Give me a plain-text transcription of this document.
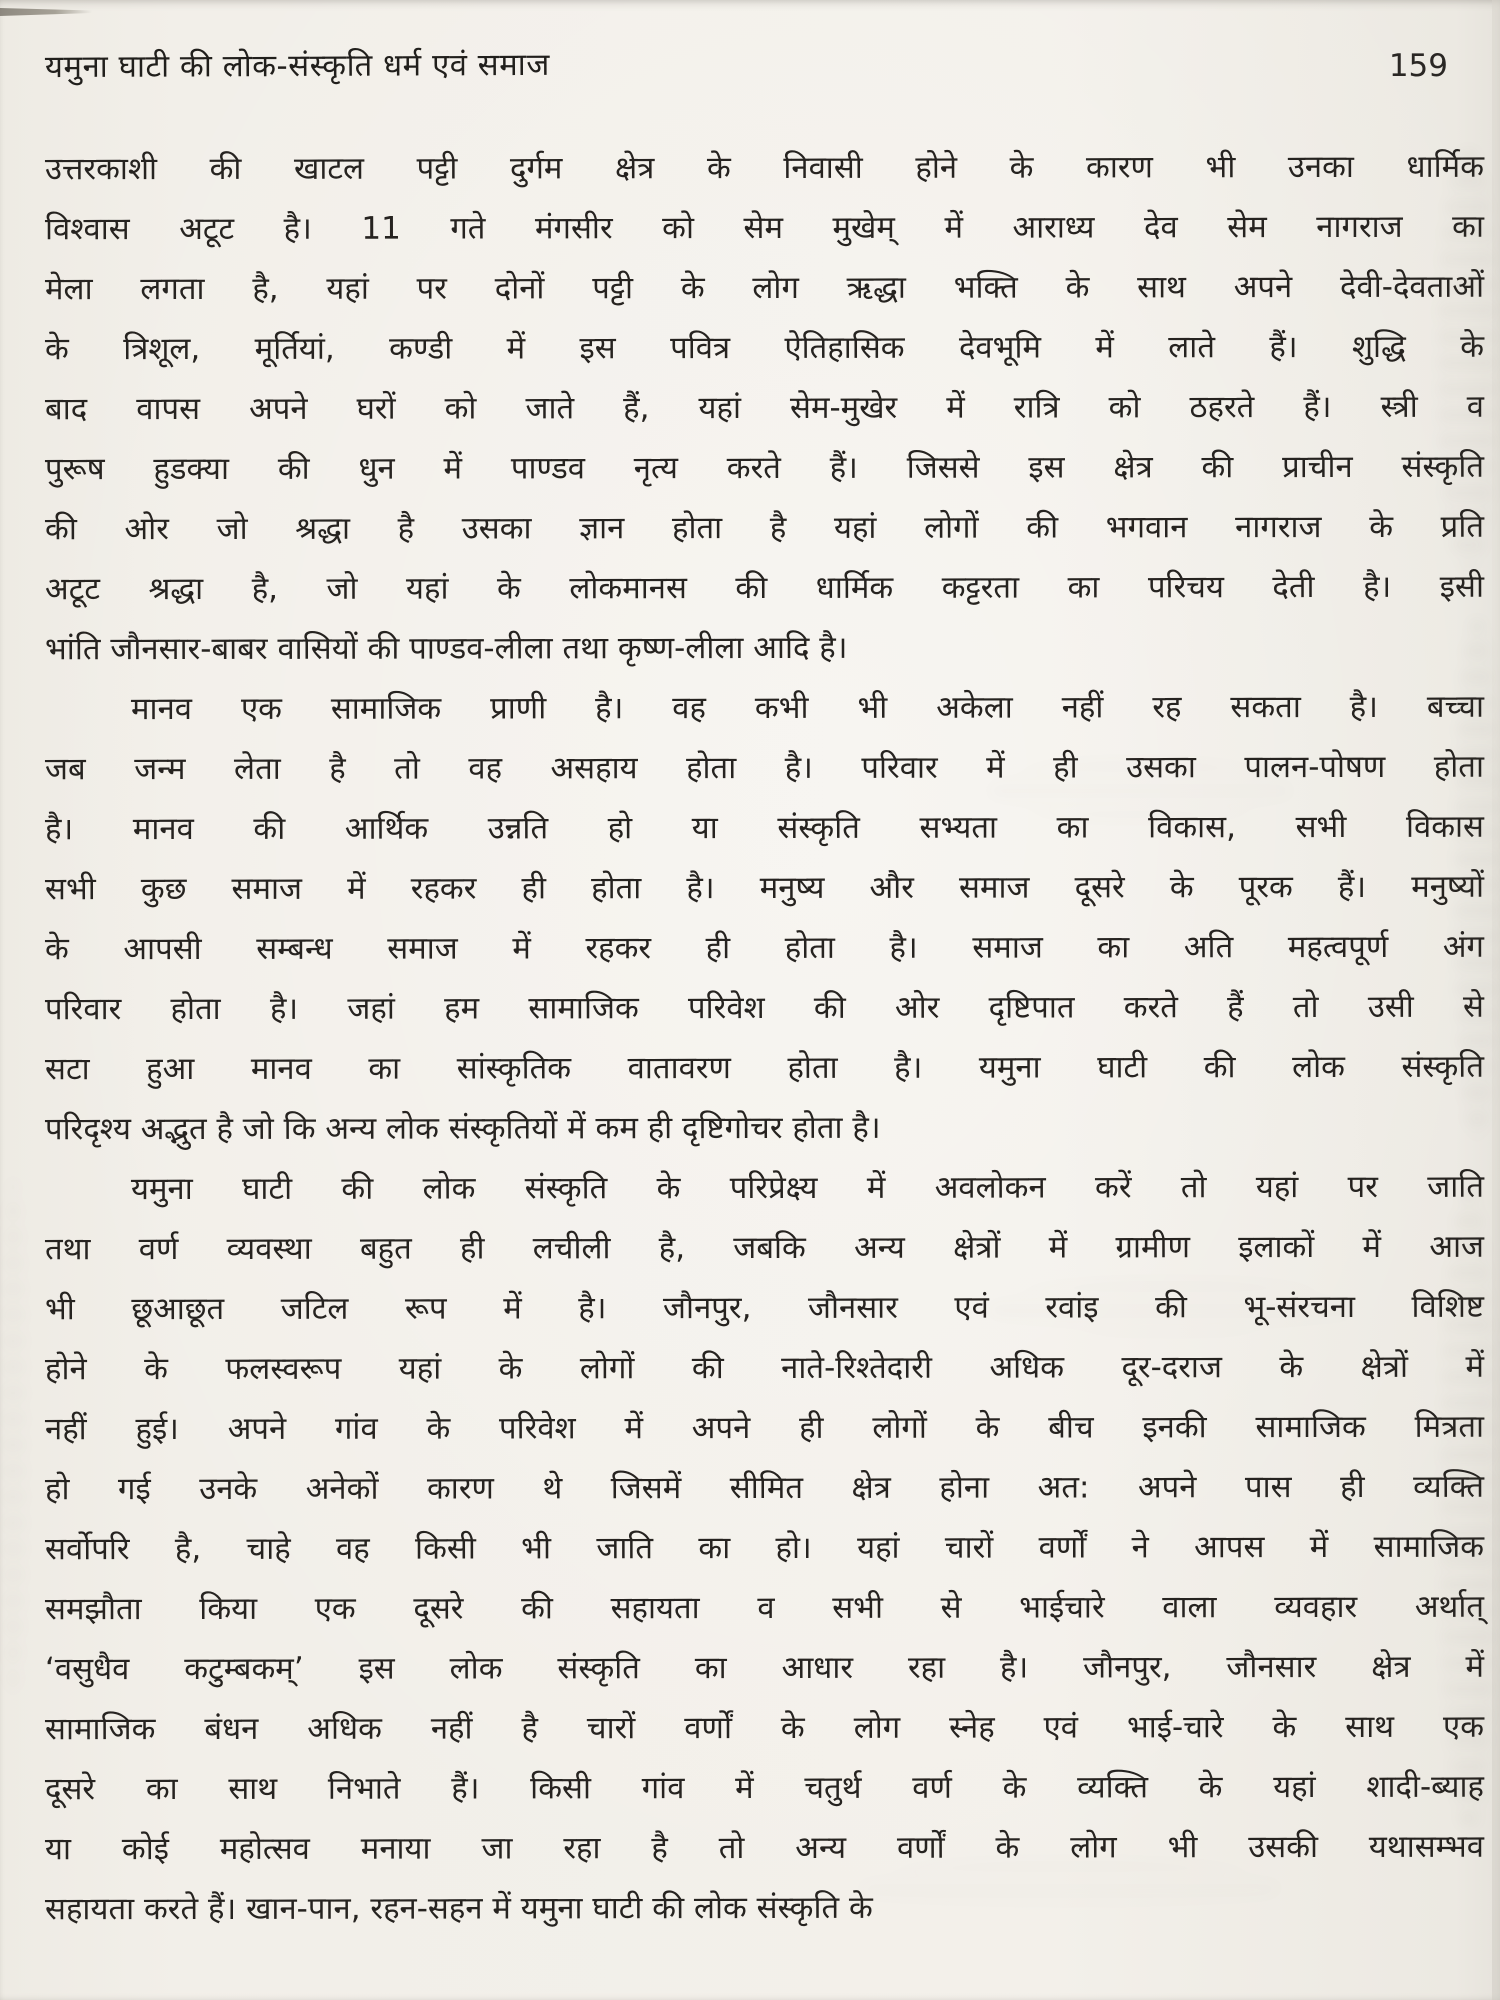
यमुना घाटी की लोक-संस्कृति धर्म एवं समाज	159
उत्तरकाशी की खाटल पट्टी दुर्गम क्षेत्र के निवासी होने के कारण भी उनका धार्मिक
विश्वास अटूट है। 11 गते मंगसीर को सेम मुखेम् में आराध्य देव सेम नागराज का
मेला लगता है, यहां पर दोनों पट्टी के लोग ऋद्धा भक्ति के साथ अपने देवी-देवताओं
के त्रिशूल, मूर्तियां, कण्डी में इस पवित्र ऐतिहासिक देवभूमि में लाते हैं। शुद्धि के
बाद वापस अपने घरों को जाते हैं, यहां सेम-मुखेर में रात्रि को ठहरते हैं। स्त्री व
पुरूष हुडक्या की धुन में पाण्डव नृत्य करते हैं। जिससे इस क्षेत्र की प्राचीन संस्कृति
की ओर जो श्रद्धा है उसका ज्ञान होता है यहां लोगों की भगवान नागराज के प्रति
अटूट श्रद्धा है, जो यहां के लोकमानस की धार्मिक कट्टरता का परिचय देती है। इसी
भांति जौनसार-बाबर वासियों की पाण्डव-लीला तथा कृष्ण-लीला आदि है।
मानव एक सामाजिक प्राणी है। वह कभी भी अकेला नहीं रह सकता है। बच्चा
जब जन्म लेता है तो वह असहाय होता है। परिवार में ही उसका पालन-पोषण होता
है। मानव की आर्थिक उन्नति हो या संस्कृति सभ्यता का विकास, सभी विकास
सभी कुछ समाज में रहकर ही होता है। मनुष्य और समाज दूसरे के पूरक हैं। मनुष्यों
के आपसी सम्बन्ध समाज में रहकर ही होता है। समाज का अति महत्वपूर्ण अंग
परिवार होता है। जहां हम सामाजिक परिवेश की ओर दृष्टिपात करते हैं तो उसी से
सटा हुआ मानव का सांस्कृतिक वातावरण होता है। यमुना घाटी की लोक संस्कृति
परिदृश्य अद्भुत है जो कि अन्य लोक संस्कृतियों में कम ही दृष्टिगोचर होता है।
यमुना घाटी की लोक संस्कृति के परिप्रेक्ष्य में अवलोकन करें तो यहां पर जाति
तथा वर्ण व्यवस्था बहुत ही लचीली है, जबकि अन्य क्षेत्रों में ग्रामीण इलाकों में आज
भी छूआछूत जटिल रूप में है। जौनपुर, जौनसार एवं रवांइ की भू-संरचना विशिष्ट
होने के फलस्वरूप यहां के लोगों की नाते-रिश्तेदारी अधिक दूर-दराज के क्षेत्रों में
नहीं हुई। अपने गांव के परिवेश में अपने ही लोगों के बीच इनकी सामाजिक मित्रता
हो गई उनके अनेकों कारण थे जिसमें सीमित क्षेत्र होना अत: अपने पास ही व्यक्ति
सर्वोपरि है, चाहे वह किसी भी जाति का हो। यहां चारों वर्णों ने आपस में सामाजिक
समझौता किया एक दूसरे की सहायता व सभी से भाईचारे वाला व्यवहार अर्थात्
‘वसुधैव कटुम्बकम्’ इस लोक संस्कृति का आधार रहा है। जौनपुर, जौनसार क्षेत्र में
सामाजिक बंधन अधिक नहीं है चारों वर्णों के लोग स्नेह एवं भाई-चारे के साथ एक
दूसरे का साथ निभाते हैं। किसी गांव में चतुर्थ वर्ण के व्यक्ति के यहां शादी-ब्याह
या कोई महोत्सव मनाया जा रहा है तो अन्य वर्णों के लोग भी उसकी यथासम्भव
सहायता करते हैं। खान-पान, रहन-सहन में यमुना घाटी की लोक संस्कृति के
